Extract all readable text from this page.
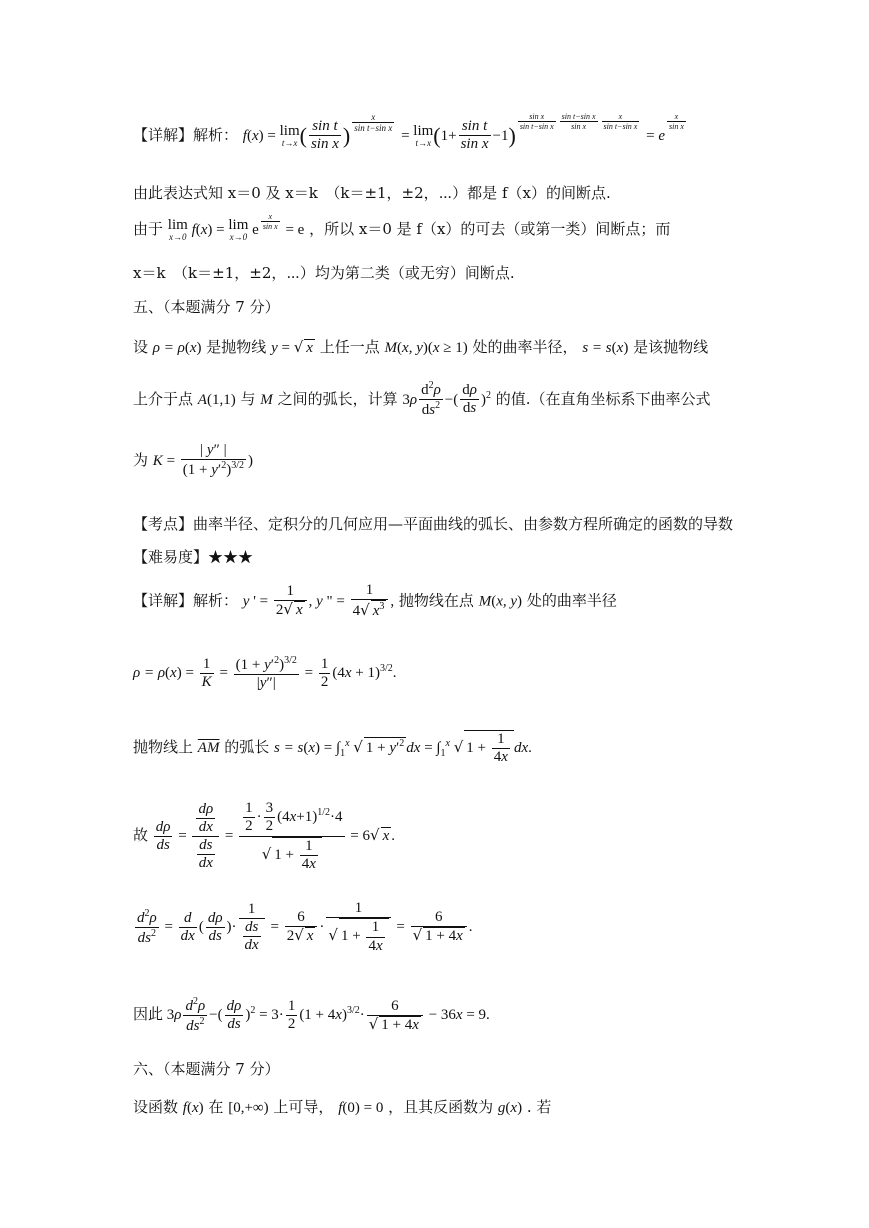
【详解】解析： f(x) = lim
t→x ( $\frac{\text{sin t}}{\text{sin x}}$ ) $^{\frac{x}{\text{sin t−sin x}}}$
= lim
t→x $(1+ \frac{\text{sin t}}{\text{sin x}} -1)$
$^{\frac{\text{sin x}}{\text{sin t−sin x}} \frac{\text{sin t−sin x}}{\text{sin x}} \frac{x}{\text{sin t−sin x}}}$
= e
$^{\frac{x}{\text{sin x}}}$
由此表达式知 x＝0 及 x＝k　（k＝±1，±2，⋯）都是 f（x）的间断点.
由于 lim
x→0 f(x) = lim
x→0 e $^{\frac{x}{\text{sin x}}}$ = e ，所以 x＝0 是 f（x）的可去（或第一类）间断点；而
x＝k　（k＝±1，±2，⋯）均为第二类（或无穷）间断点.
五、（本题满分 7 分）
设 ρ = ρ(x) 是抛物线 y = √ x 上任一点 M(x, y)(x ≥ 1) 处的曲率半径， s = s(x) 是该抛物线
上介于点 A(1,1) 与 M 之间的弧长，计算 $3\rho \frac{d^2\rho}{ds^2}$ −( $\frac{d\rho}{ds} )^2$ 的值.（在直角坐标系下曲率公式
为 $K = \frac{| y'' |}{(1 + y'^2)^{3/2}}$ )
【考点】曲率半径、定积分的几何应用—平面曲线的弧长、由参数方程所确定的函数的导数
【难易度】★★★
【详解】解析： y ' = $\frac{1}{2√ x}$ , y " = $\frac{1}{4√ x^3}$ , 抛物线在点 M(x, y) 处的曲率半径
$\rho = \rho(x) = \frac{1}{K} = \frac{(1 + y'^2)^{3/2}}{|y''|} = \frac{1}{2} (4x + 1)^{3/2}$.
抛物线上 $\overline{AM}$ 的弧长 $s = s(x) = \int_1^x$ √ $1 + y'^2$ dx = $\int_1^x$ √ $1 + \frac{1}{4x}$ dx.
故 $\frac{d\rho}{ds} = \frac{\frac{d\rho}{dx}}{\frac{ds}{dx}} = \frac{\frac{1}{2} \cdot \frac{3}{2} (4x+1)^{1/2}\cdot 4}{√ 1 + \frac{1}{4x}} = 6√$ x .
$\frac{d^2\rho}{ds^2} = \frac{d}{dx}$ ( $\frac{d\rho}{ds}$ )· $\frac{1}{\frac{ds}{dx}} = \frac{6}{2√ x} \cdot \frac{1}{√ 1 + \frac{1}{4x}} = \frac{6}{√ 1 + 4x}$ .
因此 $3\rho \frac{d^2\rho}{ds^2}$ −( $\frac{d\rho}{ds} )^2 = 3\cdot \frac{1}{2} (1 + 4x)^{3/2}\cdot \frac{6}{√ 1 + 4x} - 36x = 9$.
六、（本题满分 7 分）
设函数 f(x) 在 [0,+∞) 上可导， f(0) = 0 ，且其反函数为 g(x) . 若
